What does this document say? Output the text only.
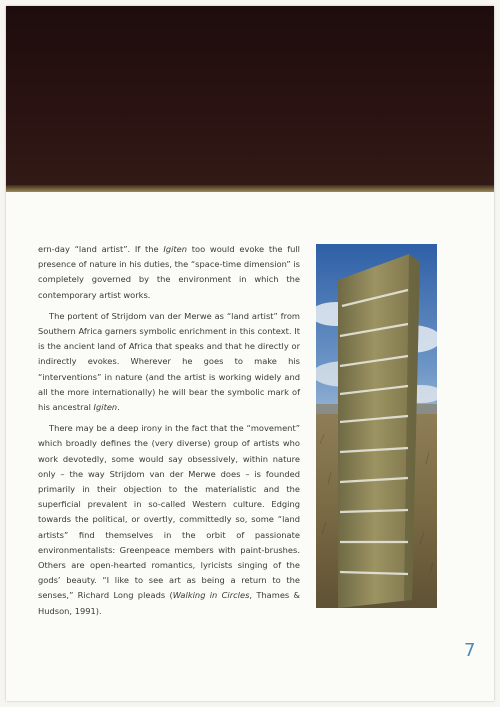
ern-day “land artist”. If the Igiten too would evoke the full presence of nature in his duties, the “space-time dimension” is completely governed by the environment in which the contemporary artist works.

The portent of Strijdom van der Merwe as “land artist” from Southern Africa garners symbolic enrichment in this context. It is the ancient land of Africa that speaks and that he directly or indirectly evokes. Wherever he goes to make his “interventions” in nature (and the artist is working widely and all the more internationally) he will bear the symbolic mark of his ancestral Igiten.

There may be a deep irony in the fact that the “movement” which broadly defines the (very diverse) group of artists who work devotedly, some would say obsessively, within nature only – the way Strijdom van der Merwe does – is founded primarily in their objection to the materialistic and the superficial prevalent in so-called Western culture. Edging towards the political, or overtly, committedly so, some “land artists” find themselves in the orbit of passionate environmentalists: Greenpeace members with paint-brushes. Others are open-hearted romantics, lyricists singing of the gods’ beauty. “I like to see art as being a return to the senses,” Richard Long pleads (Walking in Circles, Thames & Hudson, 1991).

7
